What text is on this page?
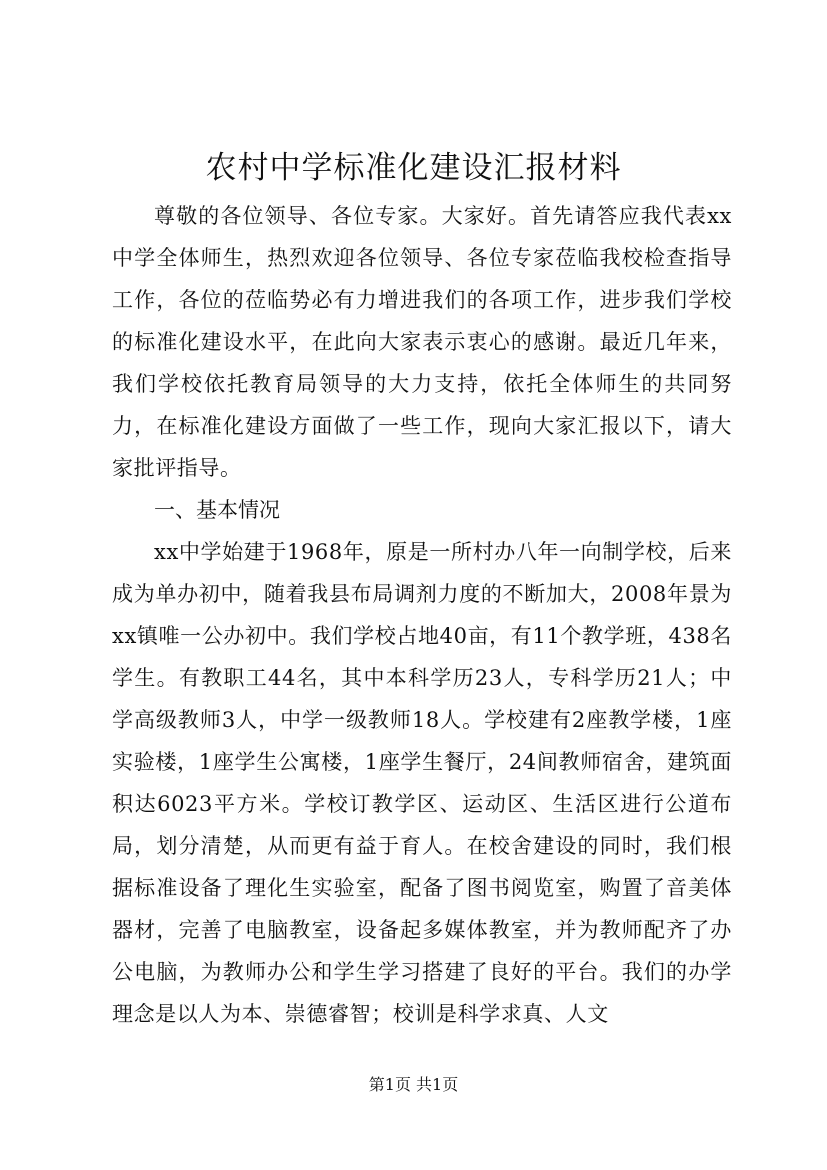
农村中学标准化建设汇报材料

尊敬的各位领导、各位专家。大家好。首先请答应我代表xx中学全体师生，热烈欢迎各位领导、各位专家莅临我校检查指导工作，各位的莅临势必有力增进我们的各项工作，进步我们学校的标准化建设水平，在此向大家表示衷心的感谢。最近几年来，我们学校依托教育局领导的大力支持，依托全体师生的共同努力，在标准化建设方面做了一些工作，现向大家汇报以下，请大家批评指导。

一、基本情况

xx中学始建于1968年，原是一所村办八年一向制学校，后来成为单办初中，随着我县布局调剂力度的不断加大，2008年景为xx镇唯一公办初中。我们学校占地40亩，有11个教学班，438名学生。有教职工44名，其中本科学历23人，专科学历21人；中学高级教师3人，中学一级教师18人。学校建有2座教学楼，1座实验楼，1座学生公寓楼，1座学生餐厅，24间教师宿舍，建筑面积达6023平方米。学校订教学区、运动区、生活区进行公道布局，划分清楚，从而更有益于育人。在校舍建设的同时，我们根据标准设备了理化生实验室，配备了图书阅览室，购置了音美体器材，完善了电脑教室，设备起多媒体教室，并为教师配齐了办公电脑，为教师办公和学生学习搭建了良好的平台。我们的办学理念是以人为本、崇德睿智；校训是科学求真、人文

第1页 共1页
